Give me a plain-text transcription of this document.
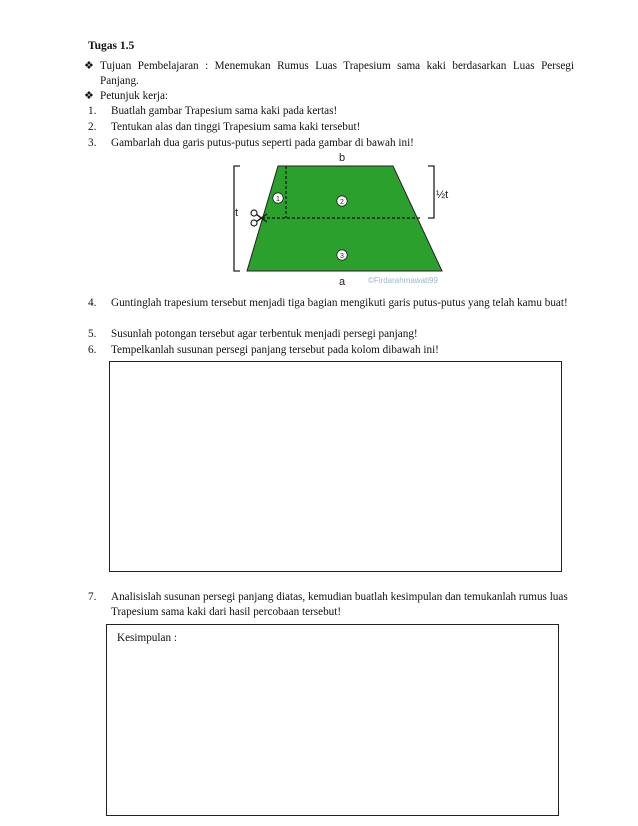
Tugas 1.5
❖ Tujuan Pembelajaran : Menemukan Rumus Luas Trapesium sama kaki berdasarkan Luas Persegi Panjang.
❖ Petunjuk kerja:
1.	Buatlah gambar Trapesium sama kaki pada kertas!
2.	Tentukan alas dan tinggi Trapesium sama kaki tersebut!
3.	Gambarlah dua garis putus-putus seperti pada gambar di bawah ini!
b
a
t
½t
1	2
3
©Firdarahmawati99
4.	Guntinglah trapesium tersebut menjadi tiga bagian mengikuti garis putus-putus yang telah kamu buat!
5.	Susunlah potongan tersebut agar terbentuk menjadi persegi panjang!
6.	Tempelkanlah susunan persegi panjang tersebut pada kolom dibawah ini!
7.	Analisislah susunan persegi panjang diatas, kemudian buatlah kesimpulan dan temukanlah rumus luas Trapesium sama kaki dari hasil percobaan tersebut!
Kesimpulan :
